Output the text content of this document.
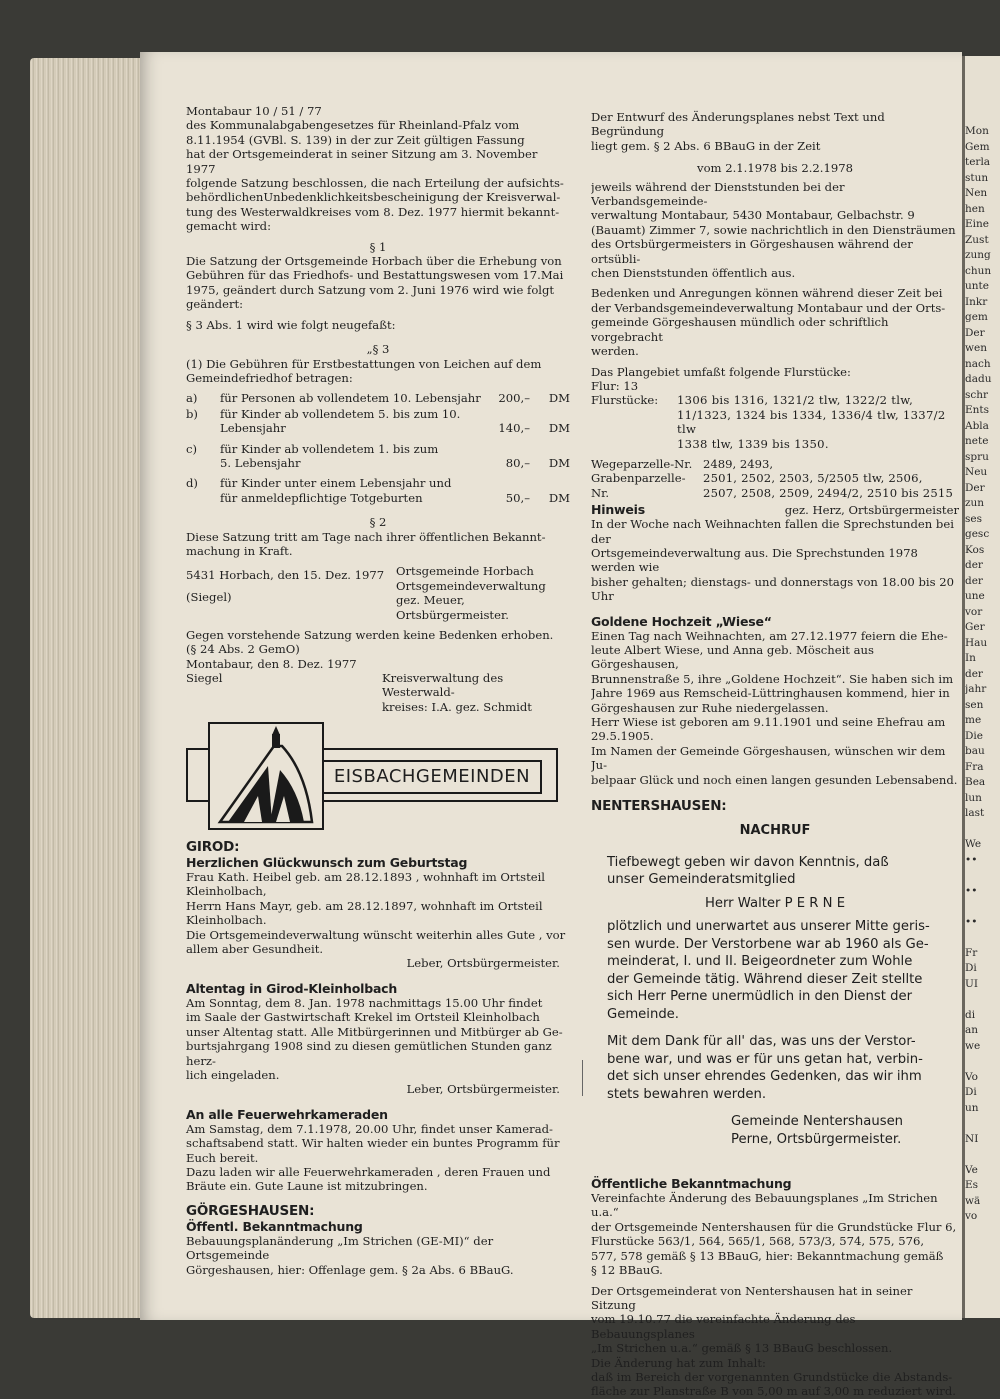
Montabaur 10 / 51 / 77
des Kommunalabgabengesetzes für Rheinland-Pfalz vom
8.11.1954 (GVBl. S. 139) in der zur Zeit gültigen Fassung
hat der Ortsgemeinderat in seiner Sitzung am 3. November 1977
folgende Satzung beschlossen, die nach Erteilung der aufsichts-
behördlichenUnbedenklichkeitsbescheinigung der Kreisverwal-
tung des Westerwaldkreises vom 8. Dez. 1977 hiermit bekannt-
gemacht wird:

§ 1

Die Satzung der Ortsgemeinde Horbach über die Erhebung von
Gebühren für das Friedhofs- und Bestattungswesen vom 17.Mai
1975, geändert durch Satzung vom 2. Juni 1976 wird wie folgt
geändert:

§ 3 Abs. 1 wird wie folgt neugefaßt:

„§ 3

(1) Die Gebühren für Erstbestattungen von Leichen auf dem
Gemeindefriedhof betragen:
a)	für Personen ab vollendetem 10. Lebensjahr	200,–	DM
b)	für Kinder ab vollendetem 5. bis zum 10. Lebensjahr	140,–	DM
c)	für Kinder ab vollendetem 1. bis zum 5. Lebensjahr	80,–	DM
d)	für Kinder unter einem Lebensjahr und für anmeldepflichtige Totgeburten	50,–	DM

§ 2

Diese Satzung tritt am Tage nach ihrer öffentlichen Bekannt-
machung in Kraft.
5431 Horbach, den 15. Dez. 1977
(Siegel)
Ortsgemeinde Horbach
Ortsgemeindeverwaltung
gez. Meuer, Ortsbürgermeister.
Gegen vorstehende Satzung werden keine Bedenken erhoben.
(§ 24 Abs. 2 GemO)
Montabaur, den 8. Dez. 1977
Siegel	Kreisverwaltung des Westerwald-
kreises: I.A. gez. Schmidt
EISBACHGEMEINDEN

GIROD:

Herzlichen Glückwunsch zum Geburtstag

Frau Kath. Heibel geb. am 28.12.1893 , wohnhaft im Ortsteil
Kleinholbach,
Herrn Hans Mayr, geb. am 28.12.1897, wohnhaft im Ortsteil
Kleinholbach.
Die Ortsgemeindeverwaltung wünscht weiterhin alles Gute , vor
allem aber Gesundheit.

Leber, Ortsbürgermeister.

Altentag in Girod-Kleinholbach

Am Sonntag, dem 8. Jan. 1978 nachmittags 15.00 Uhr findet
im Saale der Gastwirtschaft Krekel im Ortsteil Kleinholbach
unser Altentag statt. Alle Mitbürgerinnen und Mitbürger ab Ge-
burtsjahrgang 1908 sind zu diesen gemütlichen Stunden ganz herz-
lich eingeladen.

Leber, Ortsbürgermeister.

An alle Feuerwehrkameraden

Am Samstag, dem 7.1.1978, 20.00 Uhr, findet unser Kamerad-
schaftsabend statt. Wir halten wieder ein buntes Programm für
Euch bereit.
Dazu laden wir alle Feuerwehrkameraden , deren Frauen und
Bräute ein. Gute Laune ist mitzubringen.

GÖRGESHAUSEN:

Öffentl. Bekanntmachung

Bebauungsplanänderung „Im Strichen (GE-MI)“ der Ortsgemeinde
Görgeshausen, hier: Offenlage gem. § 2a Abs. 6 BBauG.
Der Entwurf des Änderungsplanes nebst Text und Begründung
liegt gem. § 2 Abs. 6 BBauG in der Zeit

vom 2.1.1978 bis 2.2.1978

jeweils während der Dienststunden bei der Verbandsgemeinde-
verwaltung Montabaur, 5430 Montabaur, Gelbachstr. 9
(Bauamt) Zimmer 7, sowie nachrichtlich in den Diensträumen
des Ortsbürgermeisters in Görgeshausen während der ortsübli-
chen Dienststunden öffentlich aus.
Bedenken und Anregungen können während dieser Zeit bei
der Verbandsgemeindeverwaltung Montabaur und der Orts-
gemeinde Görgeshausen mündlich oder schriftlich vorgebracht
werden.

Das Plangebiet umfaßt folgende Flurstücke:

Flur: 13

Flurstücke:	1306 bis 1316, 1321/2 tlw, 1322/2 tlw,
11/1323, 1324 bis 1334, 1336/4 tlw, 1337/2 tlw
1338 tlw, 1339 bis 1350.
Wegeparzelle-Nr. 2489, 2493,
Grabenparzelle-Nr.
2501, 2502, 2503, 5/2505 tlw, 2506,
2507, 2508, 2509, 2494/2, 2510 bis 2515
Hinweis	gez. Herz, Ortsbürgermeister
In der Woche nach Weihnachten fallen die Sprechstunden bei der
Ortsgemeindeverwaltung aus. Die Sprechstunden 1978 werden wie
bisher gehalten; dienstags- und donnerstags von 18.00 bis 20 Uhr

Goldene Hochzeit „Wiese“

Einen Tag nach Weihnachten, am 27.12.1977 feiern die Ehe-
leute Albert Wiese, und Anna geb. Möscheit aus Görgeshausen,
Brunnenstraße 5, ihre „Goldene Hochzeit“. Sie haben sich im
Jahre 1969 aus Remscheid-Lüttringhausen kommend, hier in
Görgeshausen zur Ruhe niedergelassen.
Herr Wiese ist geboren am 9.11.1901 und seine Ehefrau am
29.5.1905.
Im Namen der Gemeinde Görgeshausen, wünschen wir dem Ju-
belpaar Glück und noch einen langen gesunden Lebensabend.

NENTERSHAUSEN:

NACHRUF

Tiefbewegt geben wir davon Kenntnis, daß
unser Gemeinderatsmitglied

Herr Walter P E R N E

plötzlich und unerwartet aus unserer Mitte geris-
sen wurde. Der Verstorbene war ab 1960 als Ge-
meinderat, I. und II. Beigeordneter zum Wohle
der Gemeinde tätig. Während dieser Zeit stellte
sich Herr Perne unermüdlich in den Dienst der
Gemeinde.
Mit dem Dank für all' das, was uns der Verstor-
bene war, und was er für uns getan hat, verbin-
det sich unser ehrendes Gedenken, das wir ihm
stets bewahren werden.
Gemeinde Nentershausen
Perne, Ortsbürgermeister.

Öffentliche Bekanntmachung

Vereinfachte Änderung des Bebauungsplanes „Im Strichen u.a.“
der Ortsgemeinde Nentershausen für die Grundstücke Flur 6,
Flurstücke 563/1, 564, 565/1, 568, 573/3, 574, 575, 576,
577, 578 gemäß § 13 BBauG, hier: Bekanntmachung gemäß
§ 12 BBauG.
Der Ortsgemeinderat von Nentershausen hat in seiner Sitzung
vom 19.10.77 die vereinfachte Änderung des Bebauungsplanes
„Im Strichen u.a.“ gemäß § 13 BBauG beschlossen.
Die Änderung hat zum Inhalt:
daß im Bereich der vorgenannten Grundstücke die Abstands-
fläche zur Planstraße B von 5,00 m auf 3,00 m reduziert wird.
Mon
Gem
terla
stun
Nen
hen
Eine
Zust
zung
chun
unte
Inkr
gem
Der
wen
nach
dadu
schr
Ents
Abla
nete
spru
Neu
Der
zun
ses
gesc
Kos
der
der
une
vor
Ger
Hau
In
der
jahr
sen
me
Die
bau
Fra
Bea
lun
last
We
••
••
••
Fr
Di
UI
di
an
we
Vo
Di
un
NI
Ve
Es
wä
vo
